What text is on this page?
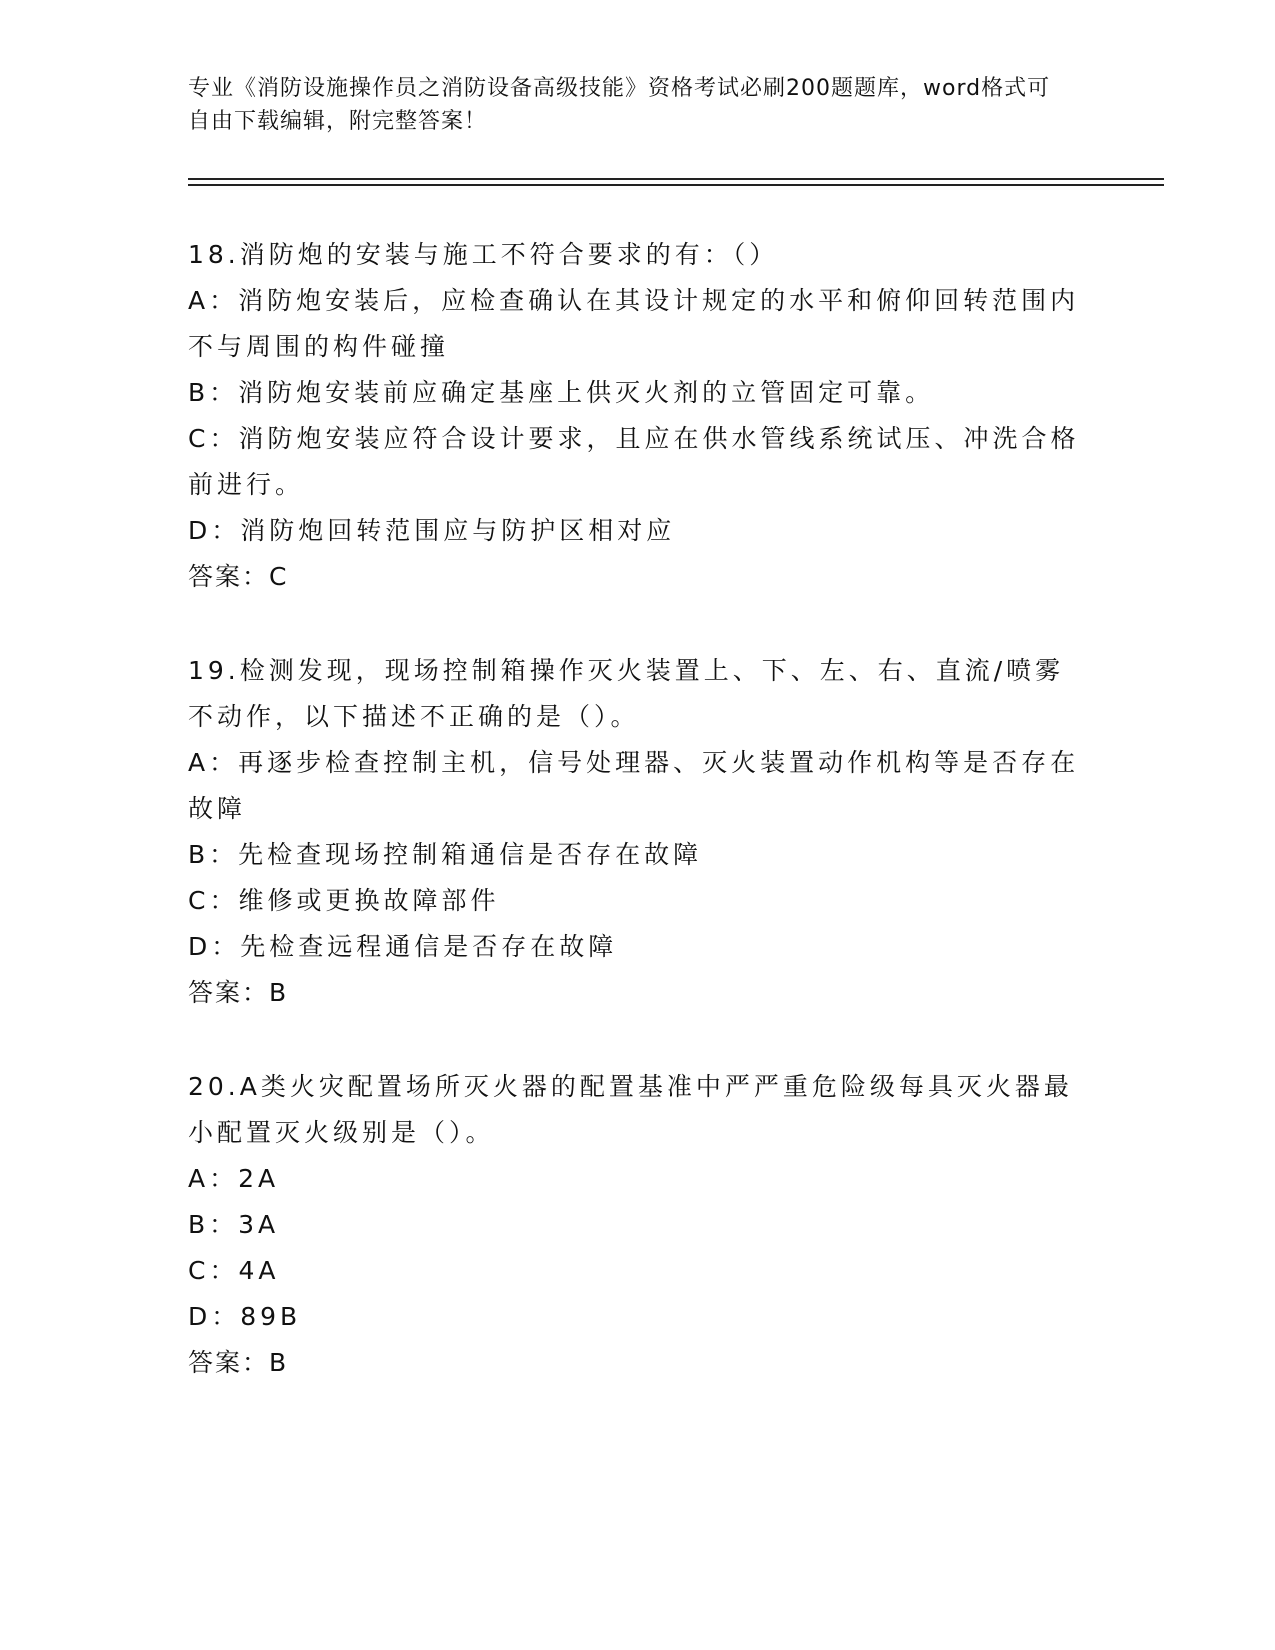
专业《消防设施操作员之消防设备高级技能》资格考试必刷200题题库，word格式可自由下载编辑，附完整答案！

18.消防炮的安装与施工不符合要求的有：（）

A：消防炮安装后，应检查确认在其设计规定的水平和俯仰回转范围内不与周围的构件碰撞

B：消防炮安装前应确定基座上供灭火剂的立管固定可靠。

C：消防炮安装应符合设计要求，且应在供水管线系统试压、冲洗合格前进行。

D：消防炮回转范围应与防护区相对应

答案：C

19.检测发现，现场控制箱操作灭火装置上、下、左、右、直流/喷雾不动作，以下描述不正确的是（）。

A：再逐步检查控制主机，信号处理器、灭火装置动作机构等是否存在故障

B：先检查现场控制箱通信是否存在故障

C：维修或更换故障部件

D：先检查远程通信是否存在故障

答案：B

20.A类火灾配置场所灭火器的配置基准中严严重危险级每具灭火器最小配置灭火级别是（）。

A：2A

B：3A

C：4A

D：89B

答案：B
